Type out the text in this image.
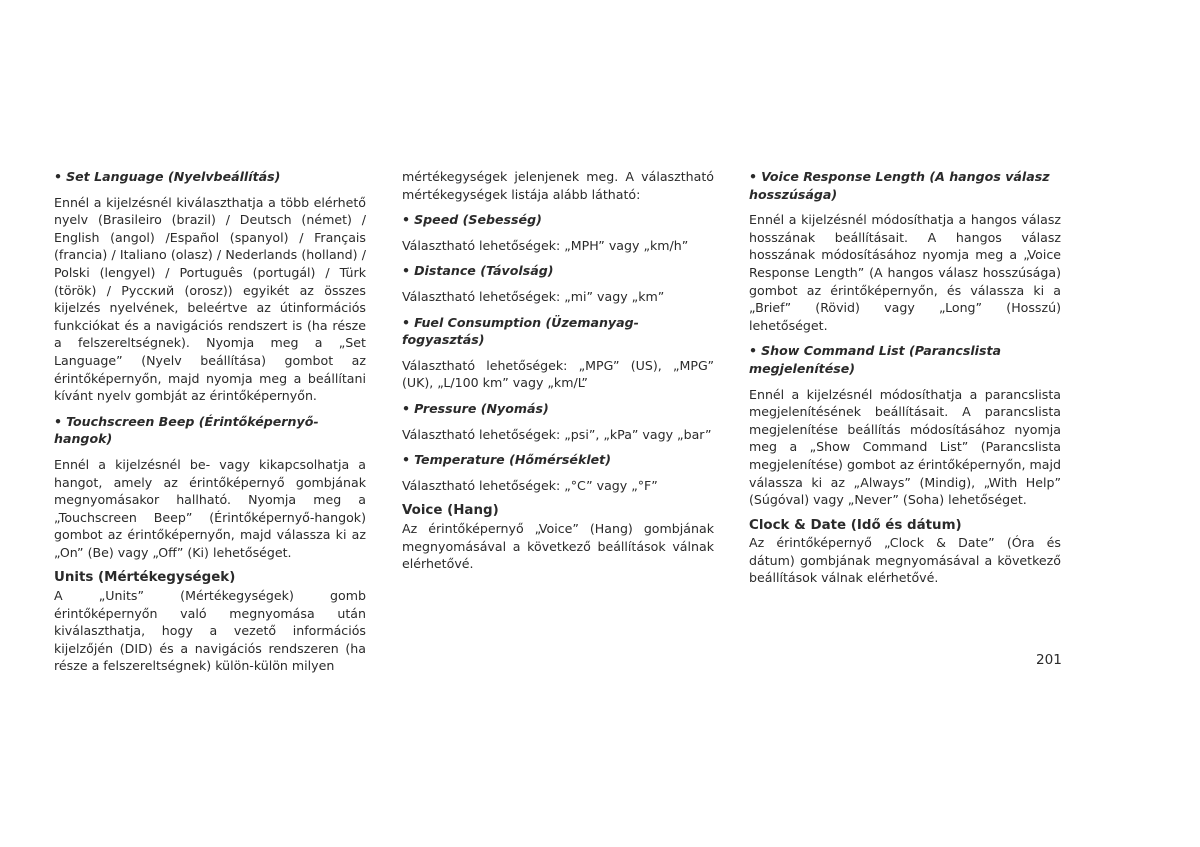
• Set Language (Nyelvbeállítás)

Ennél a kijelzésnél kiválaszthatja a több elérhető nyelv (Brasileiro (brazil) / Deutsch (német) / English (angol) /Español (spanyol) / Français (francia) / Italiano (olasz) / Nederlands (holland) / Polski (lengyel) / Português (portugál) / Türk (török) / Русский (orosz)) egyikét az összes kijelzés nyelvének, beleértve az útinformációs funkciókat és a navigációs rendszert is (ha része a felszereltségnek). Nyomja meg a „Set Language” (Nyelv beállítása) gombot az érintőképernyőn, majd nyomja meg a beállítani kívánt nyelv gombját az érintőképernyőn.

• Touchscreen Beep (Érintőképernyő-hangok)

Ennél a kijelzésnél be- vagy kikapcsolhatja a hangot, amely az érintőképernyő gombjának megnyomásakor hallható. Nyomja meg a „Touchscreen Beep” (Érintőképernyő-hangok) gombot az érintőképernyőn, majd válassza ki az „On” (Be) vagy „Off” (Ki) lehetőséget.

Units (Mértékegységek)

A „Units” (Mértékegységek) gomb érintőképernyőn való megnyomása után kiválaszthatja, hogy a vezető információs kijelzőjén (DID) és a navigációs rendszeren (ha része a felszereltségnek) külön-külön milyen

mértékegységek jelenjenek meg. A választható mértékegységek listája alább látható:

• Speed (Sebesség)

Választható lehetőségek: „MPH” vagy „km/h”

• Distance (Távolság)

Választható lehetőségek: „mi” vagy „km”

• Fuel Consumption (Üzemanyag-fogyasztás)

Választható lehetőségek: „MPG” (US), „MPG” (UK), „L/100 km” vagy „km/L”

• Pressure (Nyomás)

Választható lehetőségek: „psi”, „kPa” vagy „bar”

• Temperature (Hőmérséklet)

Választható lehetőségek: „°C” vagy „°F”

Voice (Hang)

Az érintőképernyő „Voice” (Hang) gombjának megnyomásával a következő beállítások válnak elérhetővé.

• Voice Response Length (A hangos válasz hosszúsága)

Ennél a kijelzésnél módosíthatja a hangos válasz hosszának beállításait. A hangos válasz hosszának módosításához nyomja meg a „Voice Response Length” (A hangos válasz hosszúsága) gombot az érintőképernyőn, és válassza ki a „Brief” (Rövid) vagy „Long” (Hosszú) lehetőséget.

• Show Command List (Parancslista megjelenítése)

Ennél a kijelzésnél módosíthatja a parancslista megjelenítésének beállításait. A parancslista megjelenítése beállítás módosításához nyomja meg a „Show Command List” (Parancslista megjelenítése) gombot az érintőképernyőn, majd válassza ki az „Always” (Mindig), „With Help” (Súgóval) vagy „Never” (Soha) lehetőséget.

Clock & Date (Idő és dátum)

Az érintőképernyő „Clock & Date” (Óra és dátum) gombjának megnyomásával a következő beállítások válnak elérhetővé.

201
